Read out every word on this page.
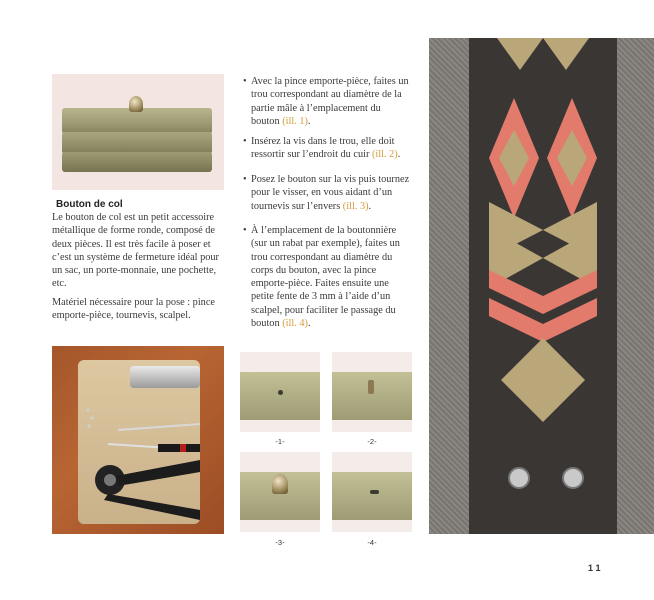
Bouton de col

Le bouton de col est un petit accessoire métallique de forme ronde, composé de deux pièces. Il est très facile à poser et c’est un système de fermeture idéal pour un sac, un porte-monnaie, une pochette, etc.

Matériel nécessaire pour la pose : pince emporte-pièce, tournevis, scalpel.

• Avec la pince emporte-pièce, faites un trou correspondant au diamètre de la partie mâle à l’emplacement du bouton (ill. 1).

• Insérez la vis dans le trou, elle doit ressortir sur l’endroit du cuir (ill. 2).

• Posez le bouton sur la vis puis tournez pour le visser, en vous aidant d’un tournevis sur l’envers (ill. 3).

• À l’emplacement de la boutonnière (sur un rabat par exemple), faites un trou correspondant au diamètre du corps du bouton, avec la pince emporte-pièce. Faites ensuite une petite fente de 3 mm à l’aide d’un scalpel, pour faciliter le passage du bouton (ill. 4).

-1-	-2-
-3-	-4-
11
